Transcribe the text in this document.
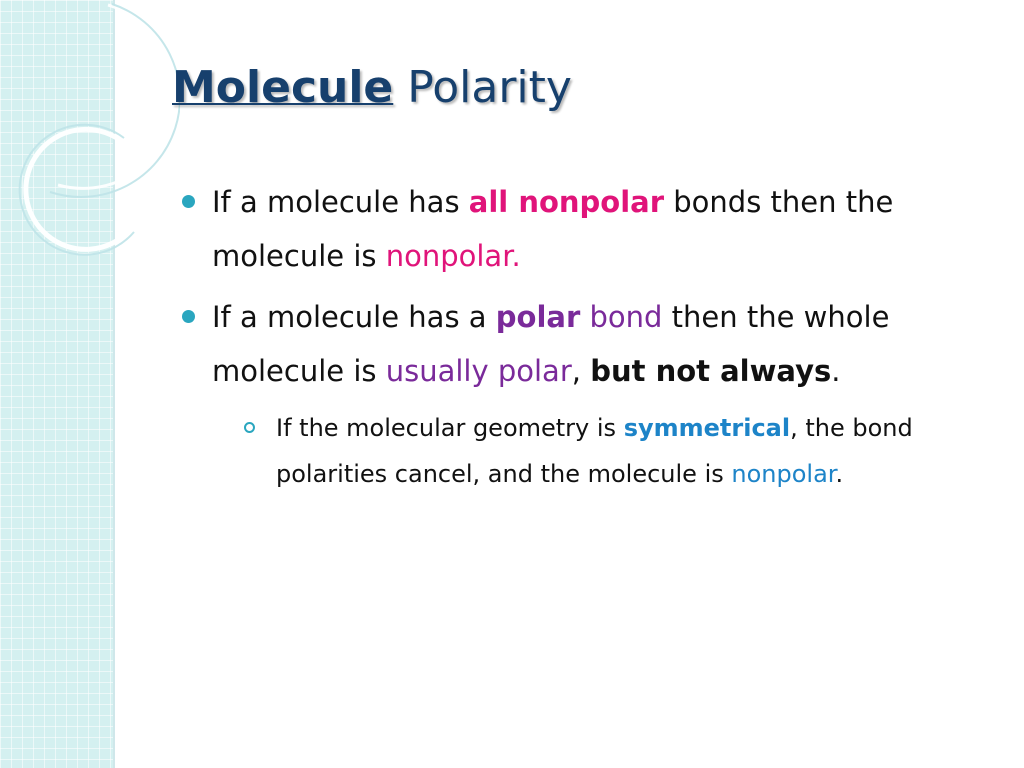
Molecule Polarity
If a molecule has all nonpolar bonds then the molecule is nonpolar.
If a molecule has a polar bond then the whole molecule is usually polar, but not always.
If the molecular geometry is symmetrical, the bond polarities cancel, and the molecule is nonpolar.
